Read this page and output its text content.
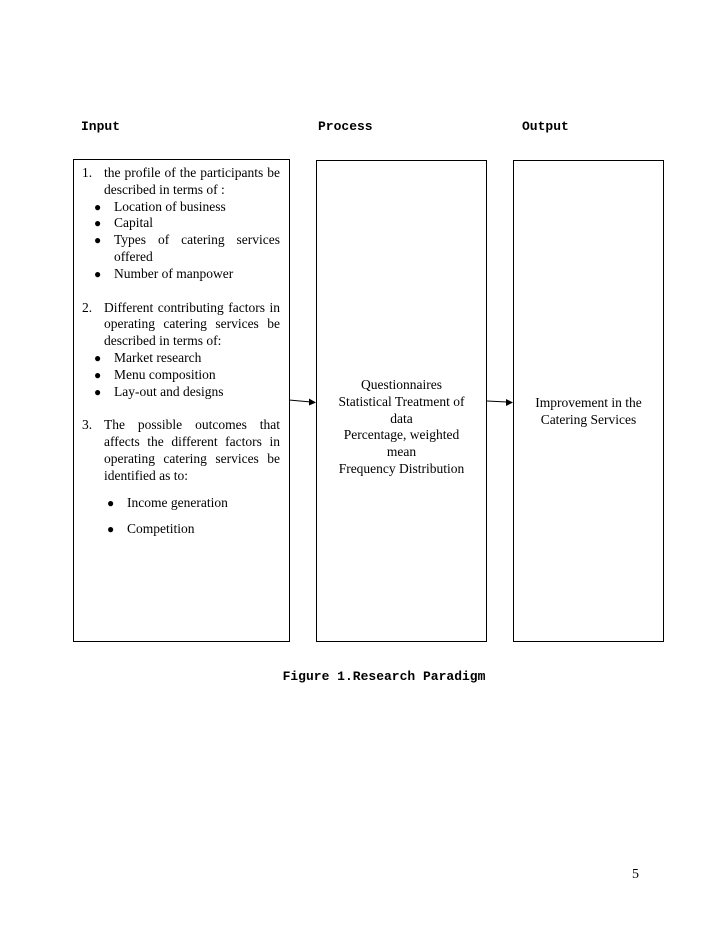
Input	Process	Output
1. the profile of the participants be described in terms of :
● Location of business
● Capital
● Types of catering services offered
● Number of manpower
2. Different contributing factors in operating catering services be described in terms of:
● Market research
● Menu composition
● Lay-out and designs
3. The possible outcomes that affects the different factors in operating catering services be identified as to:
● Income generation
● Competition
Questionnaires
Statistical Treatment of
data
Percentage, weighted
mean
Frequency Distribution
Improvement in the
Catering Services
Figure 1.Research Paradigm
5
